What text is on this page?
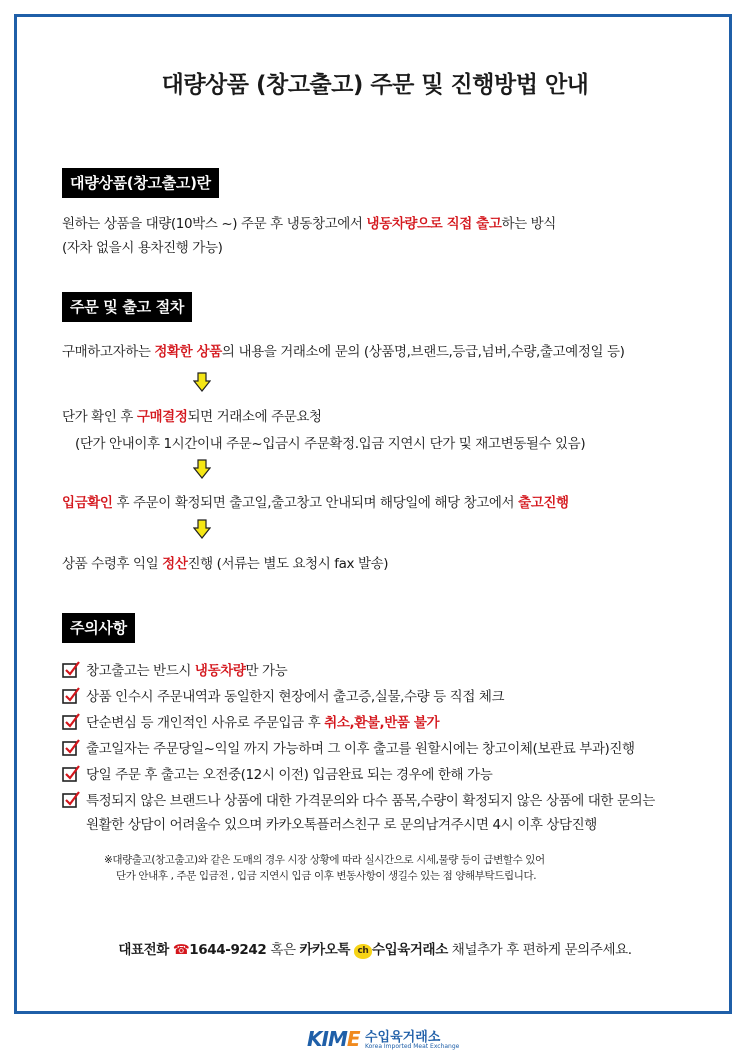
대량상품 (창고출고) 주문 및 진행방법 안내
대량상품(창고출고)란
원하는 상품을 대량(10박스 ~) 주문 후 냉동창고에서 냉동차량으로 직접 출고하는 방식
(자차 없을시 용차진행 가능)
주문 및 출고 절차
구매하고자하는 정확한 상품의 내용을 거래소에 문의 (상품명,브랜드,등급,넘버,수량,출고예정일 등)
단가 확인 후 구매결정되면 거래소에 주문요청
(단가 안내이후 1시간이내 주문~입금시 주문확정.입금 지연시 단가 및 재고변동될수 있음)
입금확인 후 주문이 확정되면 출고일,출고창고 안내되며 해당일에 해당 창고에서 출고진행
상품 수령후 익일 정산진행 (서류는 별도 요청시 fax 발송)
주의사항
창고출고는 반드시 냉동차량만 가능
상품 인수시 주문내역과 동일한지 현장에서 출고증,실물,수량 등 직접 체크
단순변심 등 개인적인 사유로 주문입금 후 취소,환불,반품 불가
출고일자는 주문당일~익일 까지 가능하며 그 이후 출고를 원할시에는 창고이체(보관료 부과)진행
당일 주문 후 출고는 오전중(12시 이전) 입금완료 되는 경우에 한해 가능
특정되지 않은 브랜드나 상품에 대한 가격문의와 다수 품목,수량이 확정되지 않은 상품에 대한 문의는
원활한 상담이 어려울수 있으며 카카오톡플러스친구 로 문의남겨주시면 4시 이후 상담진행
※대량출고(창고출고)와 같은 도매의 경우 시장 상황에 따라 실시간으로 시세,물량 등이 급변할수 있어
단가 안내후 , 주문 입금전 , 입금 지연시 입금 이후 변동사항이 생길수 있는 점 양해부탁드립니다.
대표전화 ☎1644-9242 혹은 카카오톡 ch 수입육거래소 채널추가 후 편하게 문의주세요.
KIME 수입육거래소
Korea Imported Meat Exchange
